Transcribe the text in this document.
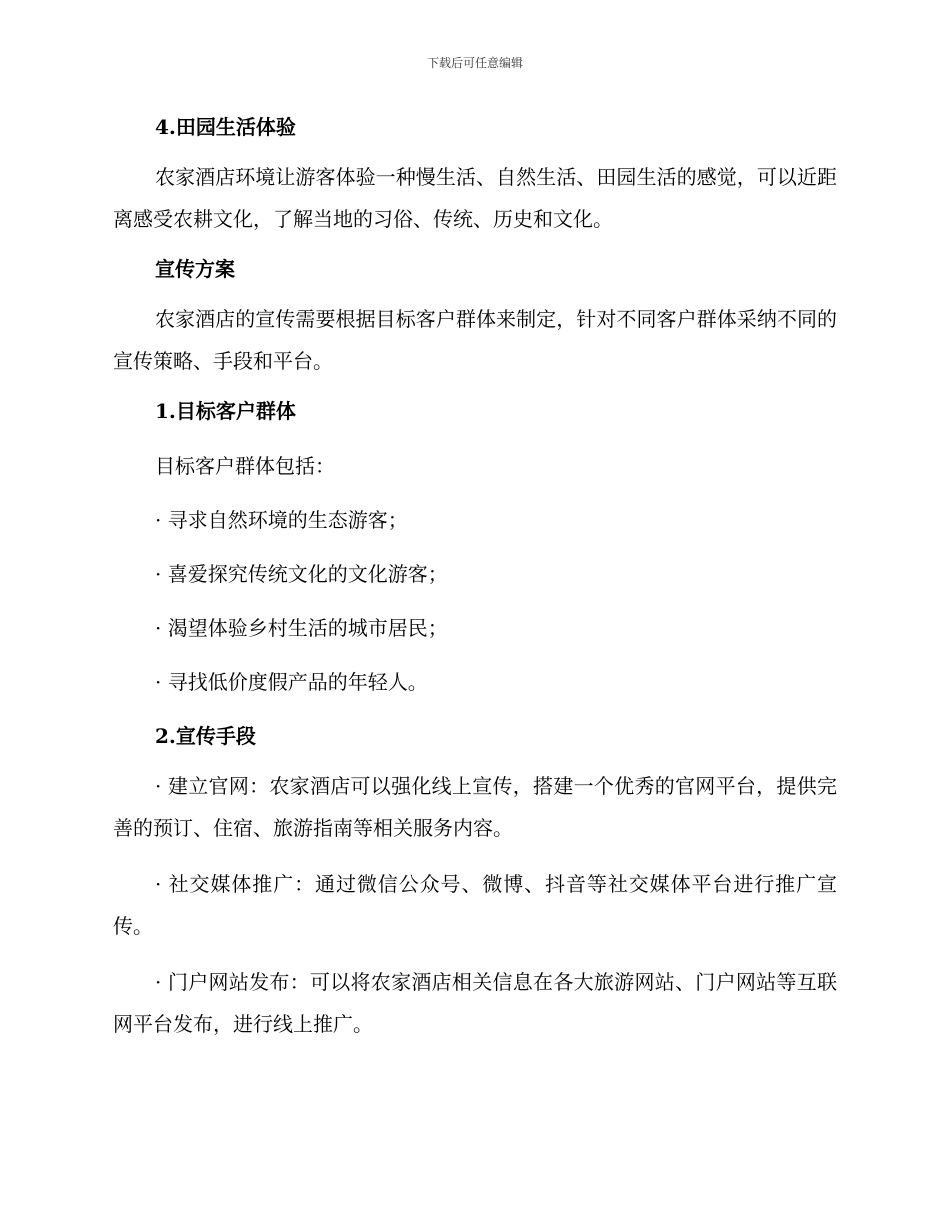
下载后可任意编辑
4.田园生活体验
农家酒店环境让游客体验一种慢生活、自然生活、田园生活的感觉，可以近距离感受农耕文化，了解当地的习俗、传统、历史和文化。
宣传方案
农家酒店的宣传需要根据目标客户群体来制定，针对不同客户群体采纳不同的宣传策略、手段和平台。
1.目标客户群体
目标客户群体包括：
· 寻求自然环境的生态游客；
· 喜爱探究传统文化的文化游客；
· 渴望体验乡村生活的城市居民；
· 寻找低价度假产品的年轻人。
2.宣传手段
· 建立官网：农家酒店可以强化线上宣传，搭建一个优秀的官网平台，提供完善的预订、住宿、旅游指南等相关服务内容。
· 社交媒体推广：通过微信公众号、微博、抖音等社交媒体平台进行推广宣传。
· 门户网站发布：可以将农家酒店相关信息在各大旅游网站、门户网站等互联网平台发布，进行线上推广。
